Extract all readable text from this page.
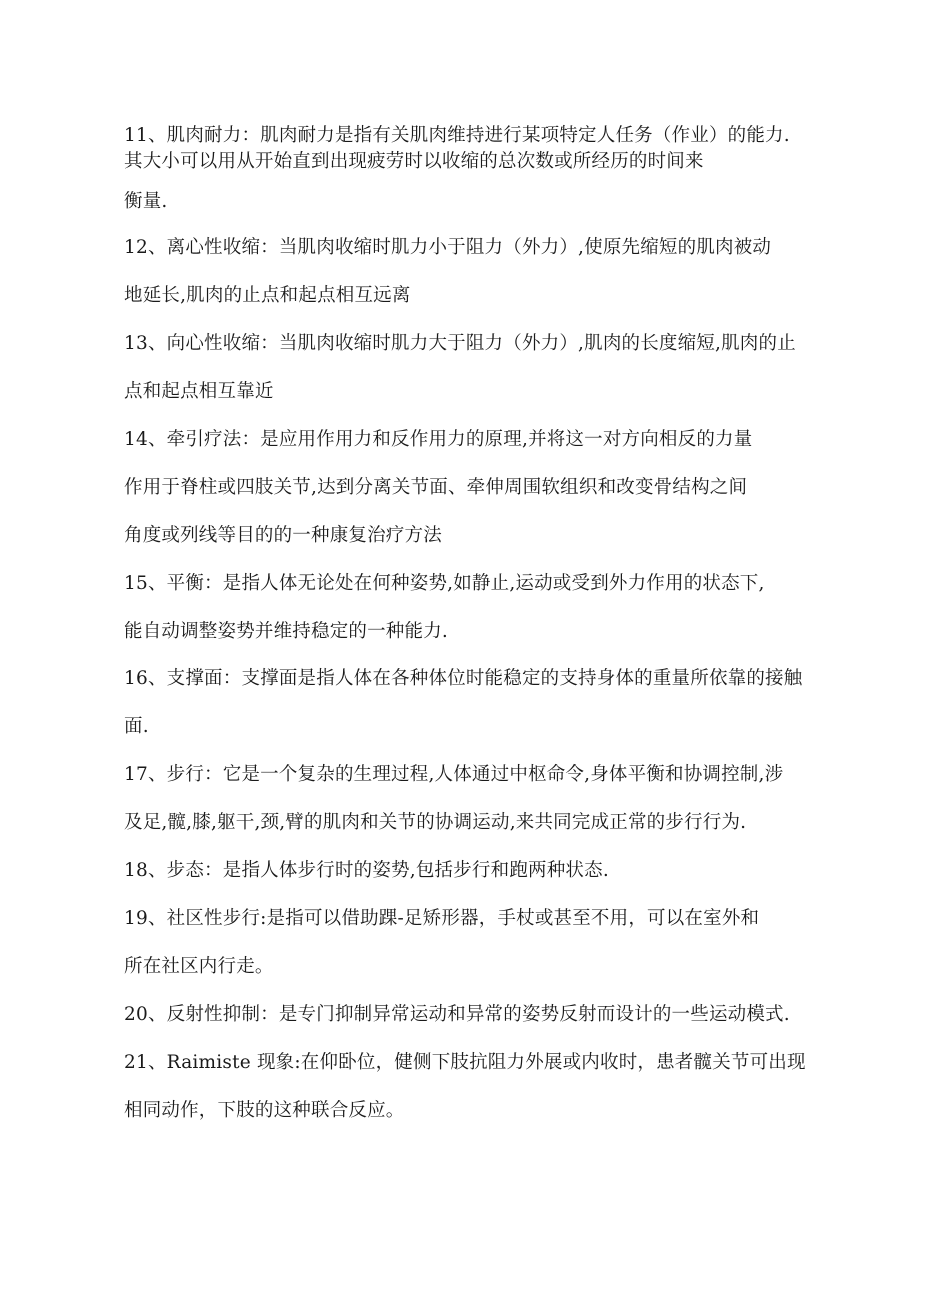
11、肌肉耐力：肌肉耐力是指有关肌肉维持进行某项特定人任务（作业）的能力.
其大小可以用从开始直到出现疲劳时以收缩的总次数或所经历的时间来
衡量.
12、离心性收缩：当肌肉收缩时肌力小于阻力（外力）,使原先缩短的肌肉被动
地延长,肌肉的止点和起点相互远离
13、向心性收缩：当肌肉收缩时肌力大于阻力（外力）,肌肉的长度缩短,肌肉的止
点和起点相互靠近
14、牵引疗法：是应用作用力和反作用力的原理,并将这一对方向相反的力量
作用于脊柱或四肢关节,达到分离关节面、牵伸周围软组织和改变骨结构之间
角度或列线等目的的一种康复治疗方法
15、平衡：是指人体无论处在何种姿势,如静止,运动或受到外力作用的状态下,
能自动调整姿势并维持稳定的一种能力.
16、支撑面：支撑面是指人体在各种体位时能稳定的支持身体的重量所依靠的接触
面.
17、步行：它是一个复杂的生理过程,人体通过中枢命令,身体平衡和协调控制,涉
及足,髋,膝,躯干,颈,臂的肌肉和关节的协调运动,来共同完成正常的步行行为.
18、步态：是指人体步行时的姿势,包括步行和跑两种状态.
19、社区性步行:是指可以借助踝-足矫形器，手杖或甚至不用，可以在室外和
所在社区内行走。
20、反射性抑制：是专门抑制异常运动和异常的姿势反射而设计的一些运动模式.
21、Raimiste 现象:在仰卧位，健侧下肢抗阻力外展或内收时，患者髋关节可出现
相同动作，下肢的这种联合反应。
